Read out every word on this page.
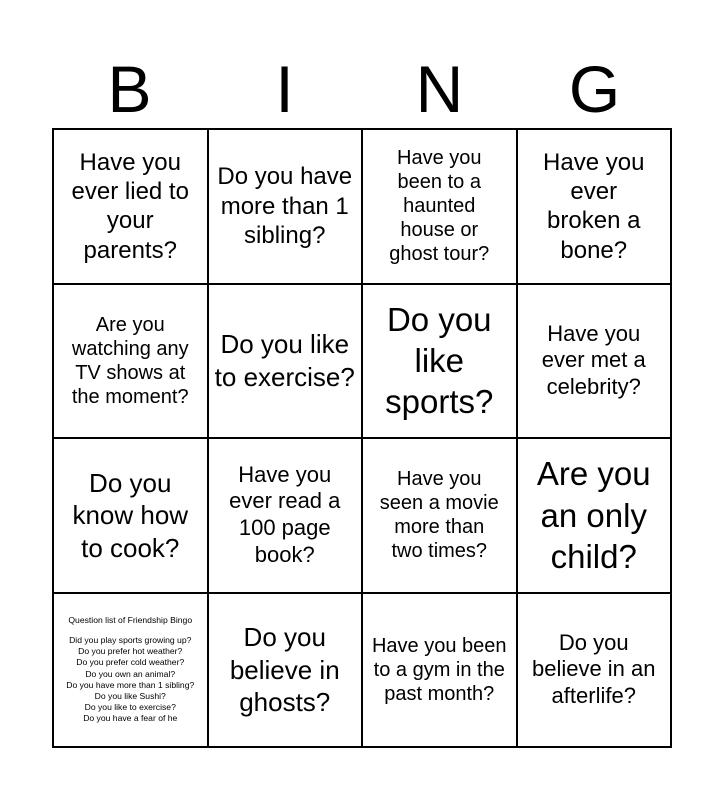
B	I	N	G
Have you ever lied to your parents?
Do you have more than 1 sibling?
Have you been to a haunted house or ghost tour?
Have you ever broken a bone?
Are you watching any TV shows at the moment?
Do you like to exercise?
Do you like sports?
Have you ever met a celebrity?
Do you know how to cook?
Have you ever read a 100 page book?
Have you seen a movie more than two times?
Are you an only child?
Question list of Friendship Bingo
Did you play sports growing up?
Do you prefer hot weather?
Do you prefer cold weather?
Do you own an animal?
Do you have more than 1 sibling?
Do you like Sushi?
Do you like to exercise?
Do you have a fear of he
Do you believe in ghosts?
Have you been to a gym in the past month?
Do you believe in an afterlife?
